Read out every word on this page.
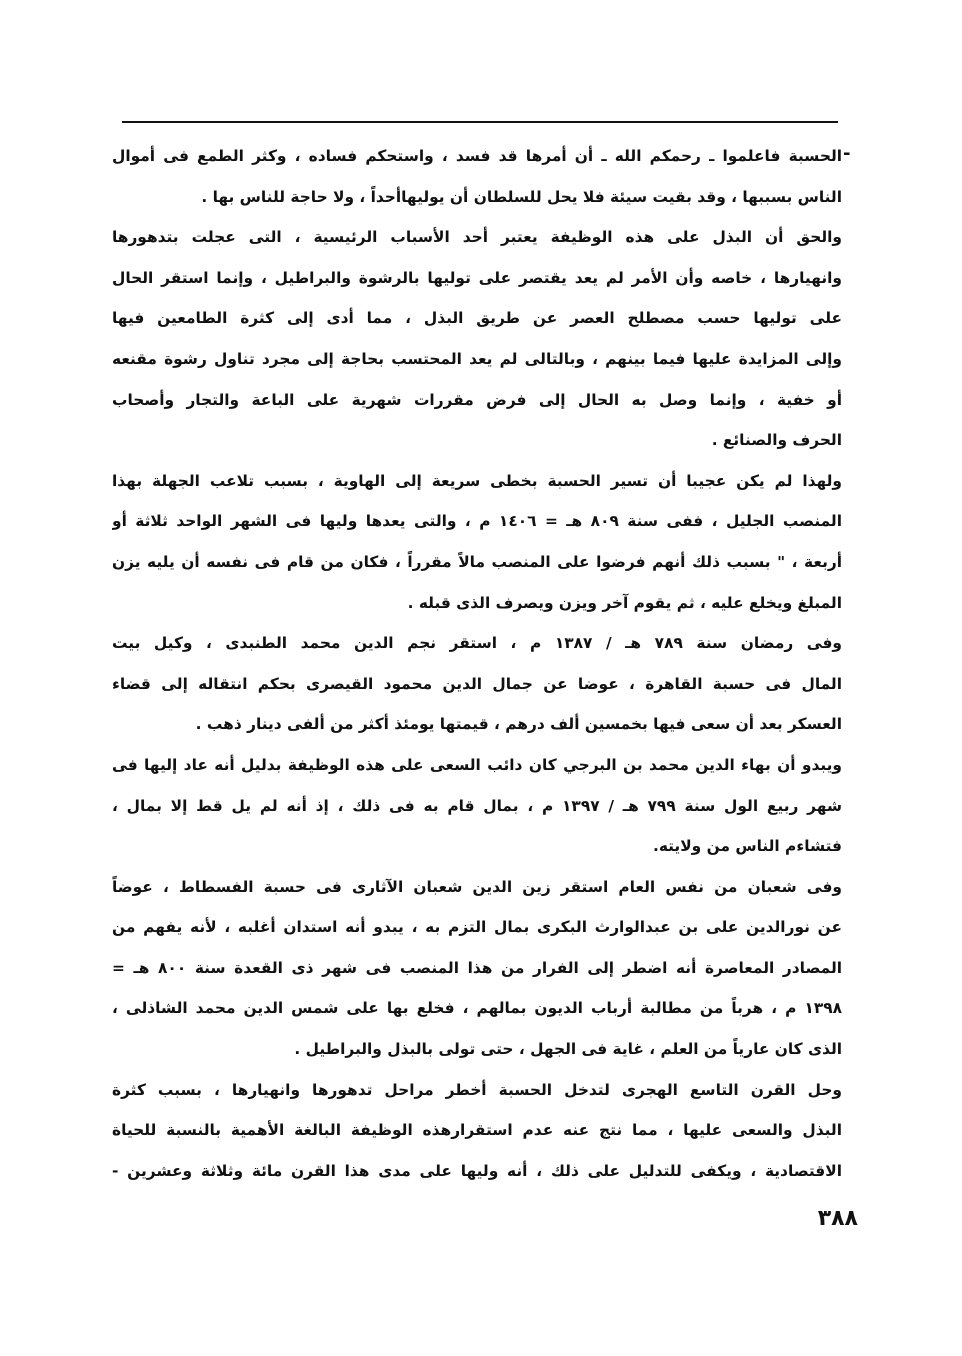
-
الحسبة فاعلموا ـ رحمكم الله ـ أن أمرها قد فسد ، واستحكم فساده ، وكثر الطمع فى أموال
الناس بسببها ، وقد بقيت سيئة فلا يحل للسلطان أن يوليهاأحداً ، ولا حاجة للناس بها .
والحق أن البذل على هذه الوظيفة يعتبر أحد الأسباب الرئيسية ، التى عجلت بتدهورها
وانهيارها ، خاصه وأن الأمر لم يعد يقتصر على توليها بالرشوة والبراطيل ، وإنما استقر الحال
على توليها حسب مصطلح العصر عن طريق البذل ، مما أدى إلى كثرة الطامعين فيها
وإلى المزايدة عليها فيما بينهم ، وبالتالى لم يعد المحتسب بحاجة إلى مجرد تناول رشوة مقنعه
أو خفية ، وإنما وصل به الحال إلى فرض مقررات شهرية على الباعة والتجار وأصحاب
الحرف والصنائع .
ولهذا لم يكن عجيبا أن تسير الحسبة بخطى سريعة إلى الهاوية ، بسبب تلاعب الجهلة بهذا
المنصب الجليل ، ففى سنة ٨٠٩ هـ = ١٤٠٦ م ، والتى يعدها وليها فى الشهر الواحد ثلاثة أو
أربعة ، " بسبب ذلك أنهم فرضوا على المنصب مالاً مقرراً ، فكان من قام فى نفسه أن يليه يزن
المبلغ ويخلع عليه ، ثم يقوم آخر ويزن ويصرف الذى قبله .
وفى رمضان سنة ٧٨٩ هـ / ١٣٨٧ م ، استقر نجم الدين محمد الطنبدى ، وكيل بيت
المال فى حسبة القاهرة ، عوضا عن جمال الدين محمود القيصرى بحكم انتقاله إلى قضاء
العسكر بعد أن سعى فيها بخمسين ألف درهم ، قيمتها يومئذ أكثر من ألفى دينار ذهب .
ويبدو أن بهاء الدين محمد بن البرجي كان دائب السعى على هذه الوظيفة بدليل أنه عاد إليها فى
شهر ربيع الول سنة ٧٩٩ هـ / ١٣٩٧ م ، بمال قام به فى ذلك ، إذ أنه لم يل قط إلا بمال ،
فتشاءم الناس من ولايته.
وفى شعبان من نفس العام استقر زين الدين شعبان الآثارى فى حسبة الفسطاط ، عوضاً
عن نورالدين على بن عبدالوارث البكرى بمال التزم به ، يبدو أنه استدان أغلبه ، لأنه يفهم من
المصادر المعاصرة أنه اضطر إلى الفرار من هذا المنصب فى شهر ذى القعدة سنة ٨٠٠ هـ =
١٣٩٨ م ، هرباً من مطالبة أرباب الديون بمالهم ، فخلع بها على شمس الدين محمد الشاذلى ،
الذى كان عارياً من العلم ، غاية فى الجهل ، حتى تولى بالبذل والبراطيل .
وحل القرن التاسع الهجرى لتدخل الحسبة أخطر مراحل تدهورها وانهيارها ، بسبب كثرة
البذل والسعى عليها ، مما نتج عنه عدم استقرارهذه الوظيفة البالغة الأهمية بالنسبة للحياة
الاقتصادية ، ويكفى للتدليل على ذلك ، أنه وليها على مدى هذا القرن مائة وثلاثة وعشرين -
٣٨٨
